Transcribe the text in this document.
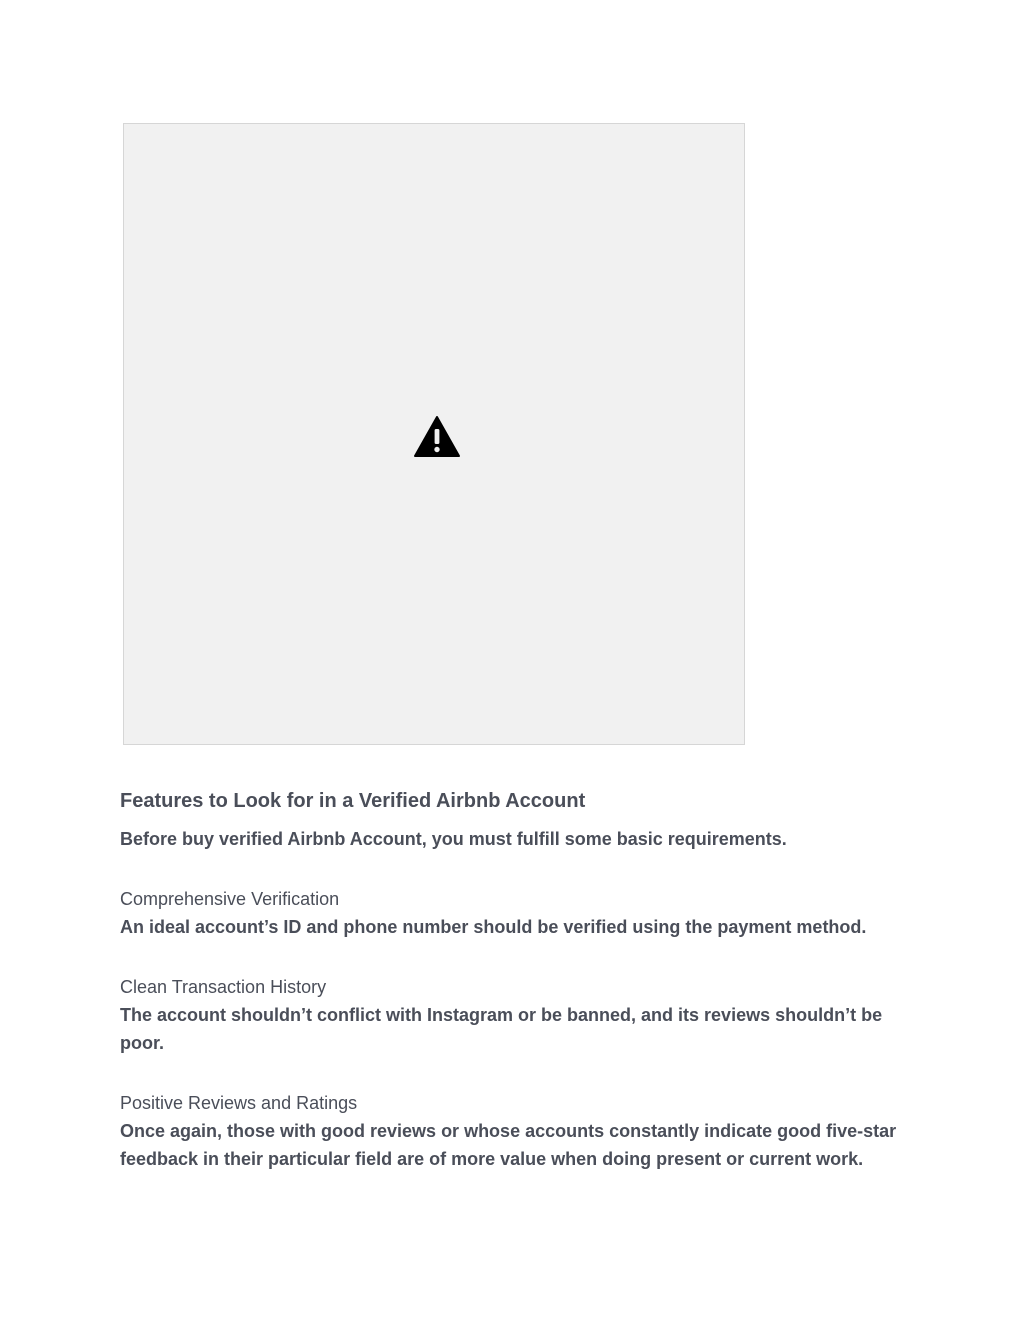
Features to Look for in a Verified Airbnb Account

Before buy verified Airbnb Account, you must fulfill some basic requirements.

Comprehensive Verification
An ideal account’s ID and phone number should be verified using the payment method.
Clean Transaction History
The account shouldn’t conflict with Instagram or be banned, and its reviews shouldn’t be poor.
Positive Reviews and Ratings
Once again, those with good reviews or whose accounts constantly indicate good five-star feedback in their particular field are of more value when doing present or current work.
